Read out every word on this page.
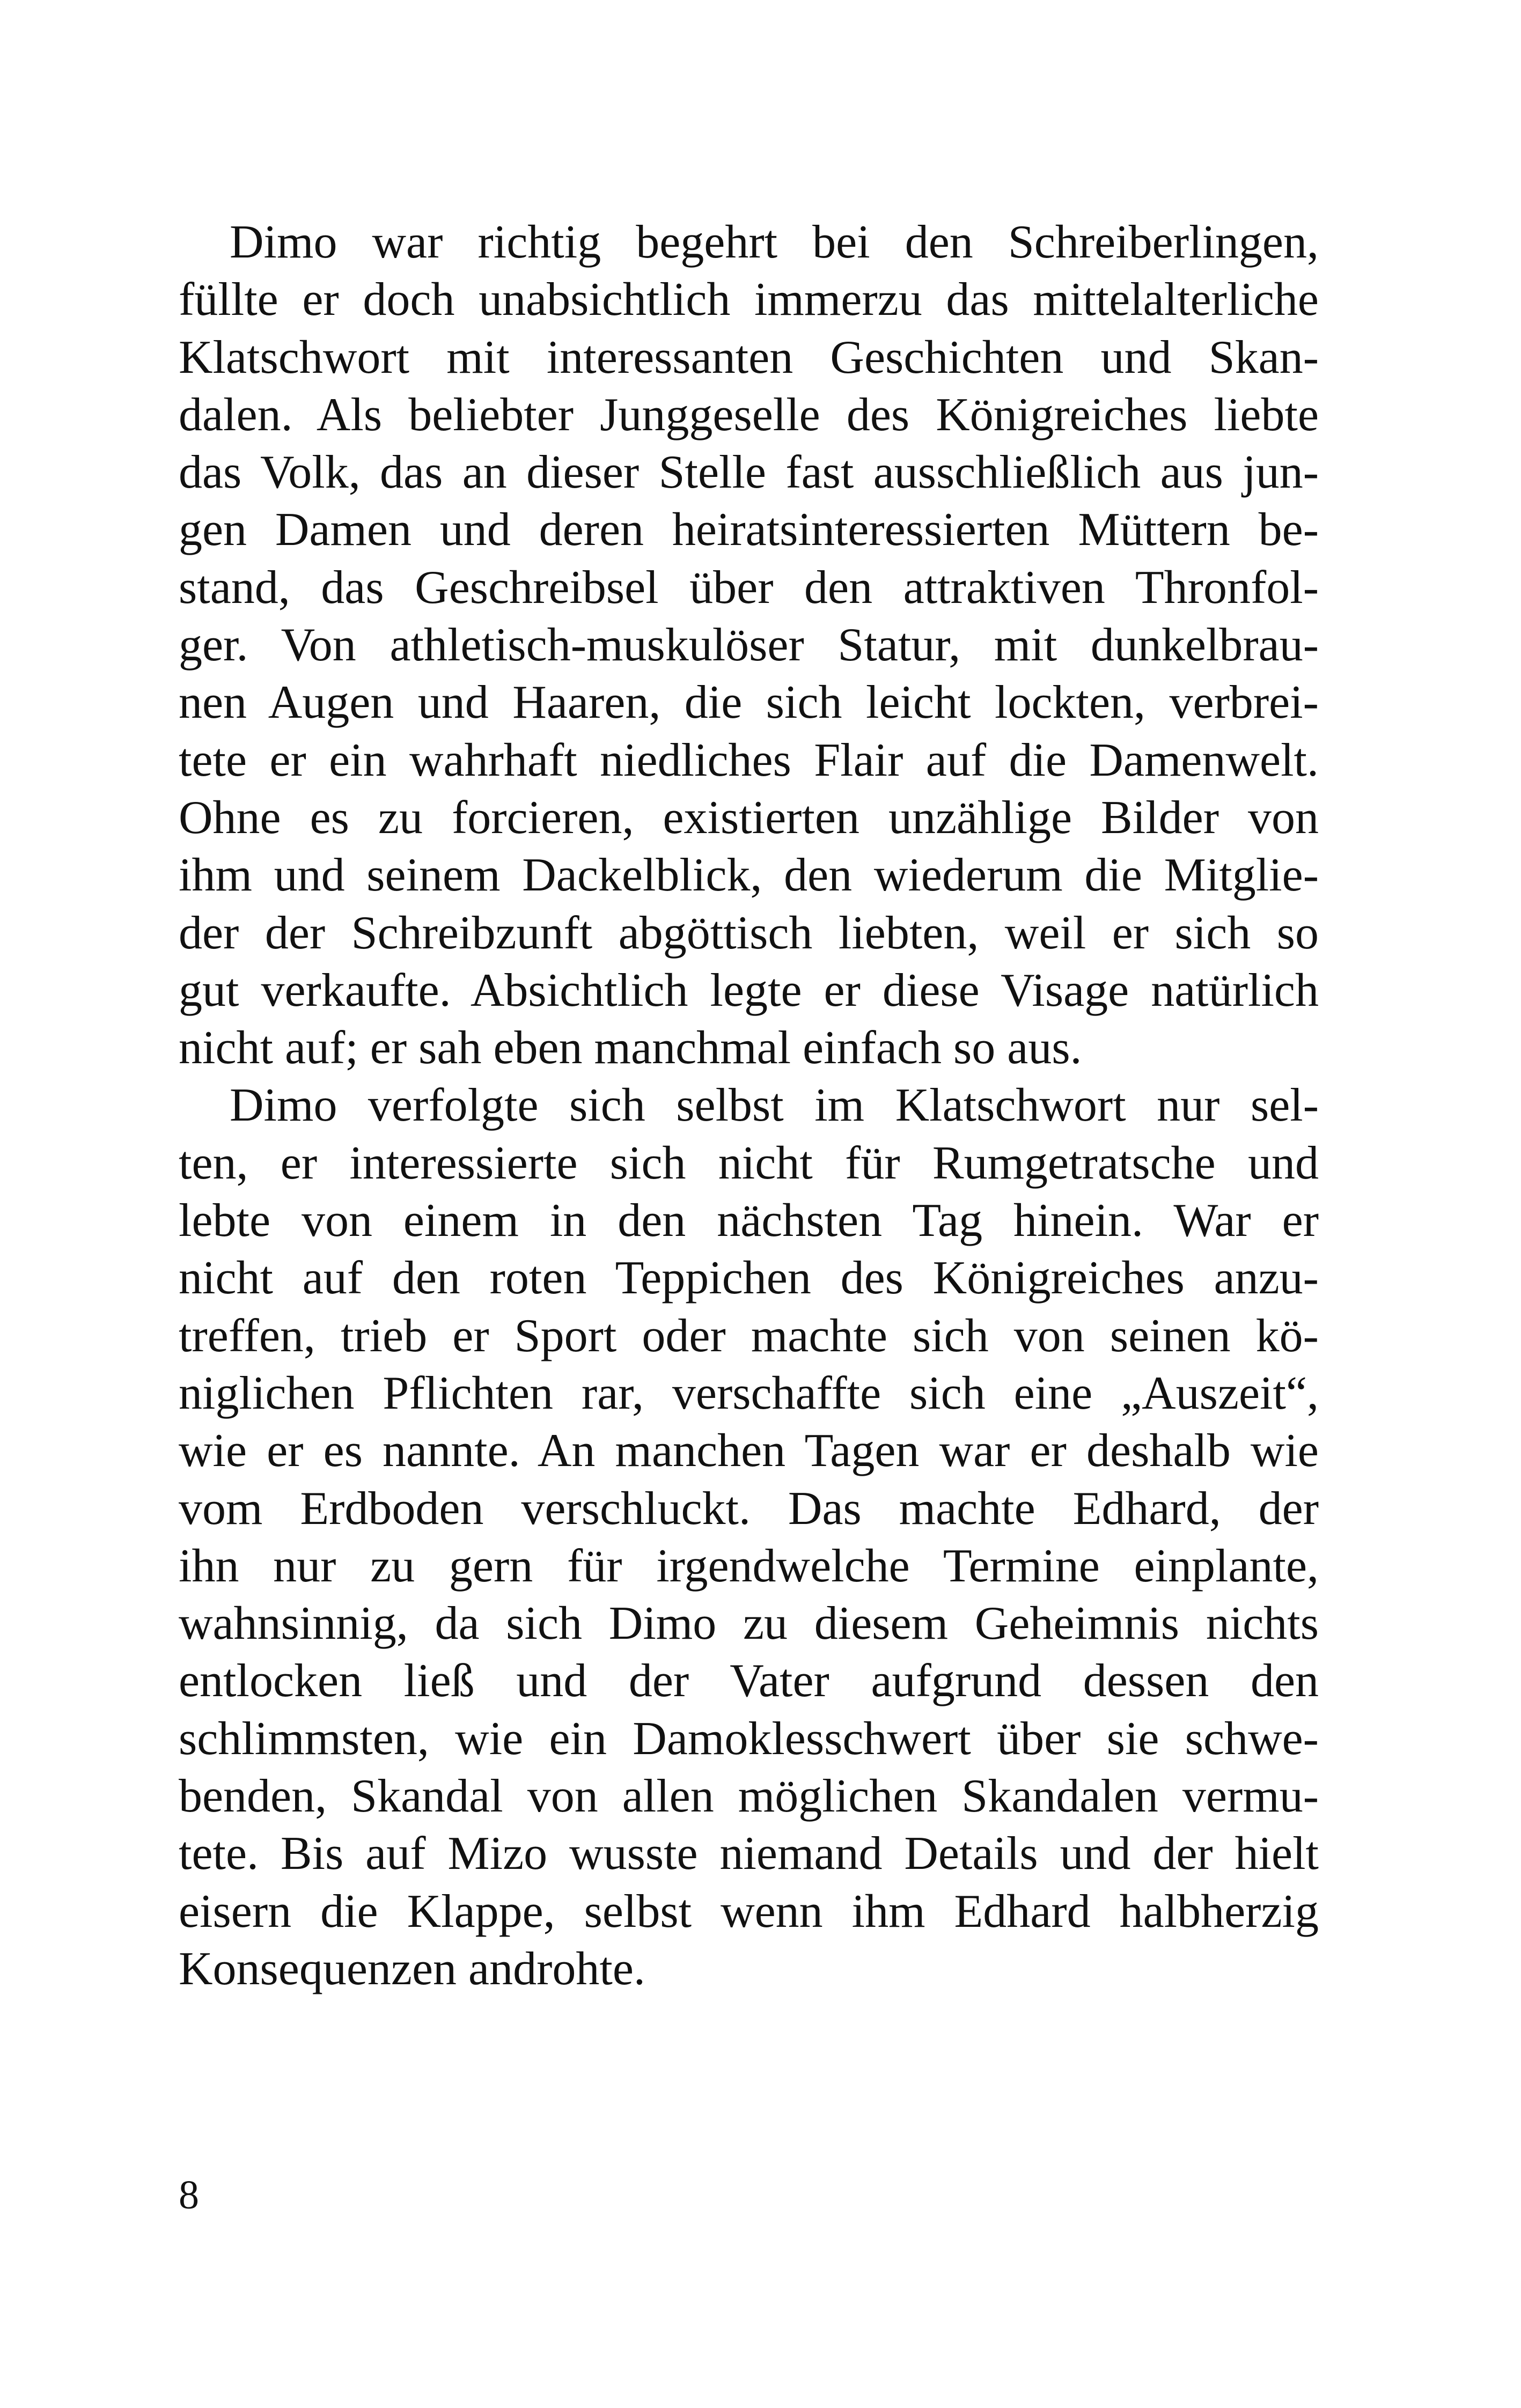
Dimo war richtig begehrt bei den Schreiberlingen,
füllte er doch unabsichtlich immerzu das mittelalterliche
Klatschwort mit interessanten Geschichten und Skan-
dalen. Als beliebter Junggeselle des Königreiches liebte
das Volk, das an dieser Stelle fast ausschließlich aus jun-
gen Damen und deren heiratsinteressierten Müttern be-
stand, das Geschreibsel über den attraktiven Thronfol-
ger. Von athletisch-muskulöser Statur, mit dunkelbrau-
nen Augen und Haaren, die sich leicht lockten, verbrei-
tete er ein wahrhaft niedliches Flair auf die Damenwelt.
Ohne es zu forcieren, existierten unzählige Bilder von
ihm und seinem Dackelblick, den wiederum die Mitglie-
der der Schreibzunft abgöttisch liebten, weil er sich so
gut verkaufte. Absichtlich legte er diese Visage natürlich
nicht auf; er sah eben manchmal einfach so aus.
Dimo verfolgte sich selbst im Klatschwort nur sel-
ten, er interessierte sich nicht für Rumgetratsche und
lebte von einem in den nächsten Tag hinein. War er
nicht auf den roten Teppichen des Königreiches anzu-
treffen, trieb er Sport oder machte sich von seinen kö-
niglichen Pflichten rar, verschaffte sich eine „Auszeit“,
wie er es nannte. An manchen Tagen war er deshalb wie
vom Erdboden verschluckt. Das machte Edhard, der
ihn nur zu gern für irgendwelche Termine einplante,
wahnsinnig, da sich Dimo zu diesem Geheimnis nichts
entlocken ließ und der Vater aufgrund dessen den
schlimmsten, wie ein Damoklesschwert über sie schwe-
benden, Skandal von allen möglichen Skandalen vermu-
tete. Bis auf Mizo wusste niemand Details und der hielt
eisern die Klappe, selbst wenn ihm Edhard halbherzig
Konsequenzen androhte.
8
